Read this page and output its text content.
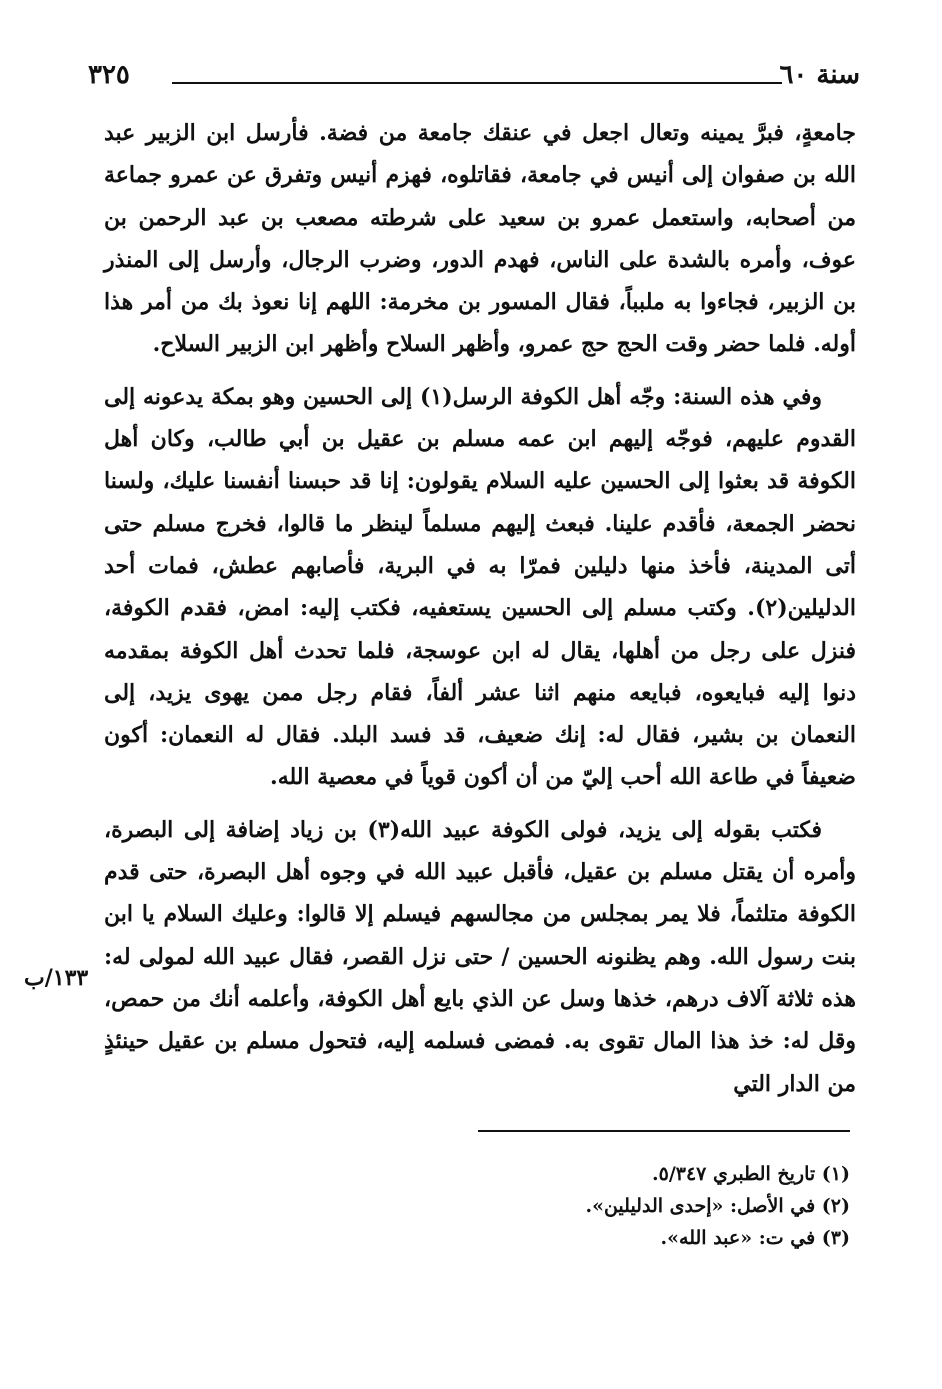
٣٢٥	سنة ٦٠

جامعةٍ، فبرَّ يمينه وتعال اجعل في عنقك جامعة من فضة. فأرسل ابن الزبير عبد الله بن صفوان إلى أنيس في جامعة، فقاتلوه، فهزم أنيس وتفرق عن عمرو جماعة من أصحابه، واستعمل عمرو بن سعيد على شرطته مصعب بن عبد الرحمن بن عوف، وأمره بالشدة على الناس، فهدم الدور، وضرب الرجال، وأرسل إلى المنذر بن الزبير، فجاءوا به ملبباً، فقال المسور بن مخرمة: اللهم إنا نعوذ بك من أمر هذا أوله. فلما حضر وقت الحج حج عمرو، وأظهر السلاح وأظهر ابن الزبير السلاح.

وفي هذه السنة: وجّه أهل الكوفة الرسل(١) إلى الحسين وهو بمكة يدعونه إلى القدوم عليهم، فوجّه إليهم ابن عمه مسلم بن عقيل بن أبي طالب، وكان أهل الكوفة قد بعثوا إلى الحسين عليه السلام يقولون: إنا قد حبسنا أنفسنا عليك، ولسنا نحضر الجمعة، فأقدم علينا. فبعث إليهم مسلماً لينظر ما قالوا، فخرج مسلم حتى أتى المدينة، فأخذ منها دليلين فمرّا به في البرية، فأصابهم عطش، فمات أحد الدليلين(٢). وكتب مسلم إلى الحسين يستعفيه، فكتب إليه: امض، فقدم الكوفة، فنزل على رجل من أهلها، يقال له ابن عوسجة، فلما تحدث أهل الكوفة بمقدمه دنوا إليه فبايعوه، فبايعه منهم اثنا عشر ألفاً، فقام رجل ممن يهوى يزيد، إلى النعمان بن بشير، فقال له: إنك ضعيف، قد فسد البلد. فقال له النعمان: أكون ضعيفاً في طاعة الله أحب إليّ من أن أكون قوياً في معصية الله.

فكتب بقوله إلى يزيد، فولى الكوفة عبيد الله(٣) بن زياد إضافة إلى البصرة، وأمره أن يقتل مسلم بن عقيل، فأقبل عبيد الله في وجوه أهل البصرة، حتى قدم الكوفة متلثماً، فلا يمر بمجلس من مجالسهم فيسلم إلا قالوا: وعليك السلام يا ابن بنت رسول الله. وهم يظنونه الحسين / حتى نزل القصر، فقال عبيد الله لمولى له: هذه ثلاثة آلاف درهم، خذها وسل عن الذي بايع أهل الكوفة، وأعلمه أنك من حمص، وقل له: خذ هذا المال تقوى به. فمضى فسلمه إليه، فتحول مسلم بن عقيل حينئذٍ من الدار التي

١٣٣/ب
(١) تاريخ الطبري ٥/٣٤٧.
(٢) في الأصل: «إحدى الدليلين».
(٣) في ت: «عبد الله».
